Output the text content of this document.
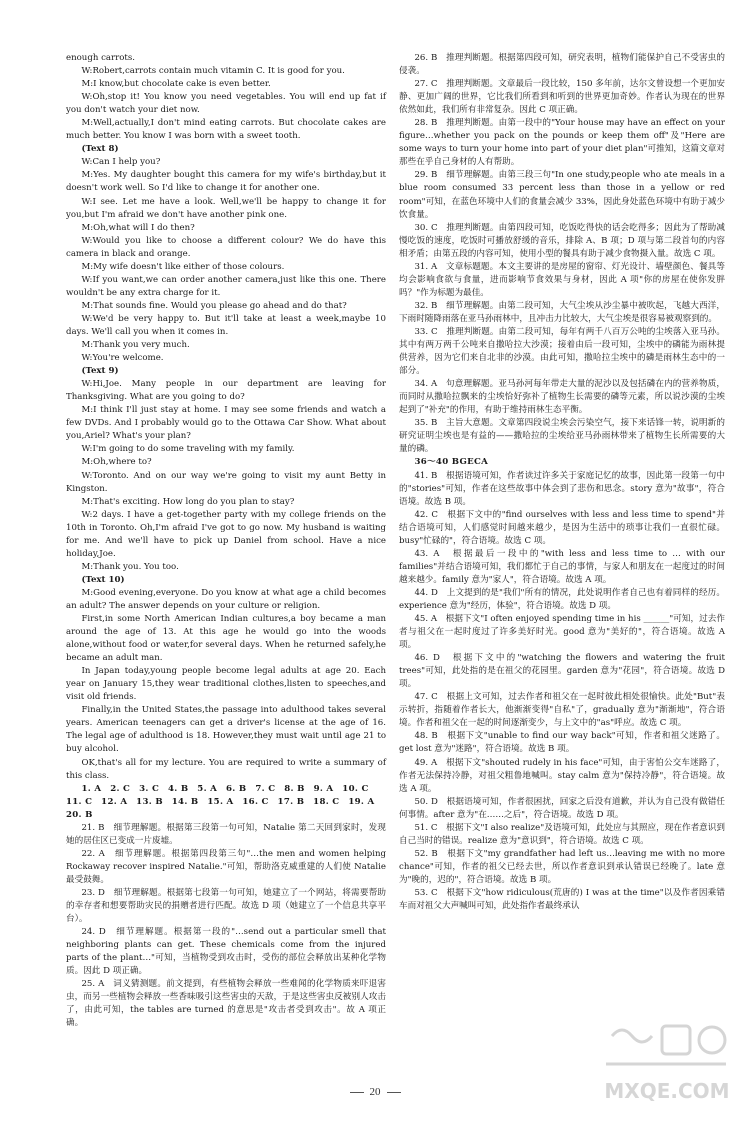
enough carrots.

W:Robert,carrots contain much vitamin C. It is good for you.

M:I know,but chocolate cake is even better.

W:Oh,stop it! You know you need vegetables. You will end up fat if you don't watch your diet now.

M:Well,actually,I don't mind eating carrots. But chocolate cakes are much better. You know I was born with a sweet tooth.

(Text 8)

W:Can I help you?

M:Yes. My daughter bought this camera for my wife's birthday,but it doesn't work well. So I'd like to change it for another one.

W:I see. Let me have a look. Well,we'll be happy to change it for you,but I'm afraid we don't have another pink one.

M:Oh,what will I do then?

W:Would you like to choose a different colour? We do have this camera in black and orange.

M:My wife doesn't like either of those colours.

W:If you want,we can order another camera,just like this one. There wouldn't be any extra charge for it.

M:That sounds fine. Would you please go ahead and do that?

W:We'd be very happy to. But it'll take at least a week,maybe 10 days. We'll call you when it comes in.

M:Thank you very much.

W:You're welcome.

(Text 9)

W:Hi,Joe. Many people in our department are leaving for Thanksgiving. What are you going to do?

M:I think I'll just stay at home. I may see some friends and watch a few DVDs. And I probably would go to the Ottawa Car Show. What about you,Ariel? What's your plan?

W:I'm going to do some traveling with my family.

M:Oh,where to?

W:Toronto. And on our way we're going to visit my aunt Betty in Kingston.

M:That's exciting. How long do you plan to stay?

W:2 days. I have a get-together party with my college friends on the 10th in Toronto. Oh,I'm afraid I've got to go now. My husband is waiting for me. And we'll have to pick up Daniel from school. Have a nice holiday,Joe.

M:Thank you. You too.

(Text 10)

M:Good evening,everyone. Do you know at what age a child becomes an adult? The answer depends on your culture or religion.

First,in some North American Indian cultures,a boy became a man around the age of 13. At this age he would go into the woods alone,without food or water,for several days. When he returned safely,he became an adult man.

In Japan today,young people become legal adults at age 20. Each year on January 15,they wear traditional clothes,listen to speeches,and visit old friends.

Finally,in the United States,the passage into adulthood takes several years. American teenagers can get a driver's license at the age of 16. The legal age of adulthood is 18. However,they must wait until age 21 to buy alcohol.

OK,that's all for my lecture. You are required to write a summary of this class.

1. A　2. C　3. C　4. B　5. A　6. B　7. C　8. B　9. A　10. C

11. C　12. A　13. B　14. B　15. A　16. C　17. B　18. C　19. A

20. B

21. B　细节理解题。根据第三段第一句可知，Natalie 第二天回到家时，发现她的居住区已变成一片废墟。

22. A　细节理解题。根据第四段第三句"…the men and women helping Rockaway recover inspired Natalie."可知，帮助洛克威重建的人们使 Natalie 最受鼓舞。

23. D　细节理解题。根据第七段第一句可知，她建立了一个网站，将需要帮助的幸存者和想要帮助灾民的捐赠者进行匹配。故选 D 项（她建立了一个信息共享平台）。

24. D　细节理解题。根据第一段的"…send out a particular smell that neighboring plants can get. These chemicals come from the injured parts of the plant…"可知，当植物受到攻击时，受伤的部位会释放出某种化学物质。因此 D 项正确。

25. A　词义猜测题。前文提到，有些植物会释放一些难闻的化学物质来吓退害虫，而另一些植物会释放一些香味吸引这些害虫的天敌，于是这些害虫反被别人攻击了，由此可知，the tables are turned 的意思是"攻击者受到攻击"。故 A 项正确。

26. B　推理判断题。根据第四段可知，研究表明，植物们能保护自己不受害虫的侵袭。

27. C　推理判断题。文章最后一段比较，150 多年前，达尔文曾设想一个更加安静、更加广阔的世界，它比我们所看到和听到的世界更加奇妙。作者认为现在的世界依然如此，我们所有非常复杂。因此 C 项正确。

28. B　推理判断题。由第一段中的"Your house may have an effect on your figure…whether you pack on the pounds or keep them off"及"Here are some ways to turn your home into part of your diet plan"可推知，这篇文章对那些在乎自己身材的人有帮助。

29. B　细节理解题。由第三段三句"In one study,people who ate meals in a blue room consumed 33 percent less than those in a yellow or red room"可知，在蓝色环境中人们的食量会减少 33%，因此身处蓝色环境中有助于减少饮食量。

30. C　推理判断题。由第四段可知，吃饭吃得快的话会吃得多；因此为了帮助减慢吃饭的速度，吃饭时可播放舒缓的音乐，排除 A、B 项；D 项与第二段首句的内容相矛盾；由第五段的内容可知，使用小型的餐具有助于减少食物摄入量。故选 C 项。

31. A　文章标题题。本文主要讲的是房屋的窗帘、灯光设计、墙壁颜色、餐具等均会影响食欲与食量，进而影响节食效果与身材，因此 A 项"你的房屋在使你发胖吗？"作为标题为最佳。

32. B　细节理解题。由第二段可知，大气尘埃从沙尘暴中被吹起，飞越大西洋，下雨时随降雨落在亚马孙雨林中，且冲击力比较大，大气尘埃是很容易被观察到的。

33. C　推理判断题。由第二段可知，每年有两千八百万公吨的尘埃落入亚马孙。其中有两万两千公吨来自撒哈拉大沙漠；接着由后一段可知，尘埃中的磷能为雨林提供营养，因为它们来自北非的沙漠。由此可知，撒哈拉尘埃中的磷是雨林生态中的一部分。

34. A　句意理解题。亚马孙河每年带走大量的泥沙以及包括磷在内的营养物质，而同时从撒哈拉飘来的尘埃恰好弥补了植物生长需要的磷等元素，所以说沙漠的尘埃起到了"补充"的作用，有助于维持雨林生态平衡。

35. B　主旨大意题。文章第四段说尘埃会污染空气，接下来话锋一转，说明新的研究证明尘埃也是有益的——撒哈拉的尘埃给亚马孙雨林带来了植物生长所需要的大量的磷。

36～40 BGECA

41. B　根据语境可知，作者读过许多关于家庭记忆的故事，因此第一段第一句中的"stories"可知，作者在这些故事中体会到了悲伤和思念。story 意为"故事"，符合语境。故选 B 项。

42. C　根据下文中的"find ourselves with less and less time to spend"并结合语境可知，人们感觉时间越来越少，是因为生活中的琐事让我们一直很忙碌。busy"忙碌的"，符合语境。故选 C 项。

43. A　根据最后一段中的"with less and less time to … with our families"并结合语境可知，我们都忙于自己的事情，与家人和朋友在一起度过的时间越来越少。family 意为"家人"，符合语境。故选 A 项。

44. D　上文提到的是"我们"所有的情况，此处说明作者自己也有着同样的经历。experience 意为"经历，体验"，符合语境。故选 D 项。

45. A　根据下文"I often enjoyed spending time in his ______"可知，过去作者与祖父在一起时度过了许多美好时光。good 意为"美好的"，符合语境。故选 A 项。

46. D　根据下文中的"watching the flowers and watering the fruit trees"可知，此处指的是在祖父的花园里。garden 意为"花园"，符合语境。故选 D 项。

47. C　根据上文可知，过去作者和祖父在一起时彼此相处很愉快。此处"But"表示转折，指随着作者长大，他渐渐变得"自私"了，gradually 意为"渐渐地"，符合语境。作者和祖父在一起的时间逐渐变少，与上文中的"as"呼应。故选 C 项。

48. B　根据下文"unable to find our way back"可知，作者和祖父迷路了。get lost 意为"迷路"，符合语境。故选 B 项。

49. A　根据下文"shouted rudely in his face"可知，由于害怕公交车迷路了，作者无法保持冷静，对祖父粗鲁地喊叫。stay calm 意为"保持冷静"，符合语境。故选 A 项。

50. D　根据语境可知，作者很困扰，回家之后没有道歉，并认为自己没有做错任何事情。after 意为"在……之后"，符合语境。故选 D 项。

51. C　根据下文"I also realize"及语境可知，此处应与其照应，现在作者意识到自己当时的错误。realize 意为"意识到"，符合语境。故选 C 项。

52. B　根据下文"my grandfather had left us…leaving me with no more chance"可知，作者的祖父已经去世，所以作者意识到承认错误已经晚了。late 意为"晚的，迟的"，符合语境。故选 B 项。

53. C　根据下文"how ridiculous(荒唐的) I was at the time"以及作者因乘错车而对祖父大声喊叫可知，此处指作者最终承认

20	MXQE.COM
